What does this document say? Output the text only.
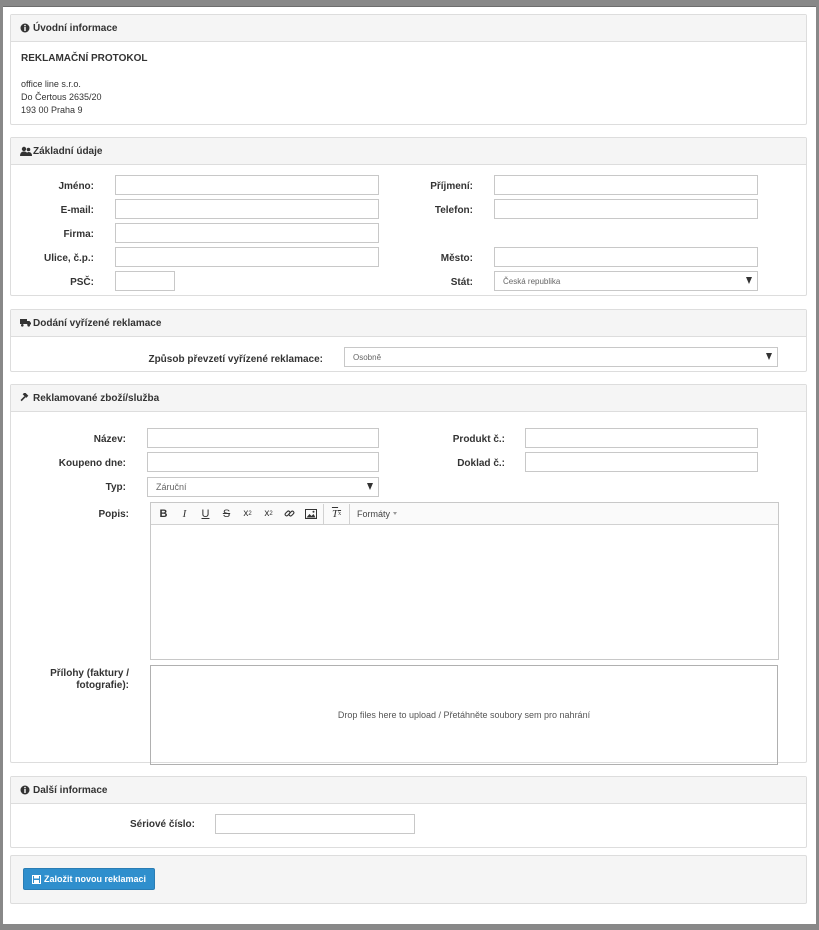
Úvodní informace
REKLAMAČNÍ PROTOKOL
office line s.r.o.
Do Čertous 2635/20
193 00 Praha 9
Základní údaje
Jméno:	Příjmení:
E-mail:	Telefon:
Firma:
Ulice, č.p.:	Město:
PSČ:	Stát:	Česká republika
Dodání vyřízené reklamace
Způsob převzetí vyřízené reklamace:	Osobně
Reklamované zboží/služba
Název:	Produkt č.:
Koupeno dne:	Doklad č.:
Typ:	Záruční
Popis:	B	I	U	S	x 2	x 2	T x Formáty
Přílohy (faktury / fotografie):
Drop files here to upload / Přetáhněte soubory sem pro nahrání
Další informace
Sériové číslo:
Založit novou reklamaci
